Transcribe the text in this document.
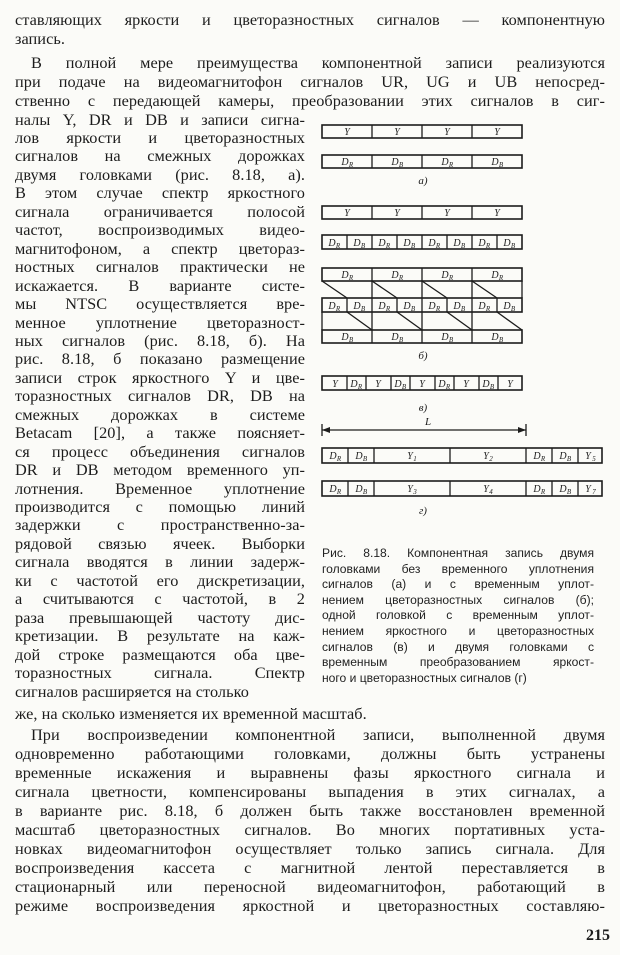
ставляющих яркости и цветоразностных сигналов — компонентную
запись.
В полной мере преимущества компонентной записи реализуются
при подаче на видеомагнитофон сигналов UR, UG и UB непосред-
ственно с передающей камеры, преобразовании этих сигналов в сиг-
налы Y, DR и DB и записи сигна-
лов яркости и цветоразностных
сигналов на смежных дорожках
двумя головками (рис. 8.18, а).
В этом случае спектр яркостного
сигнала ограничивается полосой
частот, воспроизводимых видео-
магнитофоном, а спектр цветораз-
ностных сигналов практически не
искажается. В варианте систе-
мы NTSC осуществляется вре-
менное уплотнение цветоразност-
ных сигналов (рис. 8.18, б). На
рис. 8.18, б показано размещение
записи строк яркостного Y и цве-
торазностных сигналов DR, DB на
смежных дорожках в системе
Betacam [20], а также поясняет-
ся процесс объединения сигналов
DR и DB методом временного уп-
лотнения. Временное уплотнение
производится с помощью линий
задержки с пространственно-за-
рядовой связью ячеек. Выборки
сигнала вводятся в линии задерж-
ки с частотой его дискретизации,
а считываются с частотой, в 2
раза превышающей частоту дис-
кретизации. В результате на каж-
дой строке размещаются оба цве-
торазностных сигнала. Спектр
сигналов расширяется на столько
же, на сколько изменяется их временной масштаб.
При воспроизведении компонентной записи, выполненной двумя
одновременно работающими головками, должны быть устранены
временные искажения и выравнены фазы яркостного сигнала и
сигнала цветности, компенсированы выпадения в этих сигналах, а
в варианте рис. 8.18, б должен быть также восстановлен временной
масштаб цветоразностных сигналов. Во многих портативных уста-
новках видеомагнитофон осуществляет только запись сигнала. Для
воспроизведения кассета с магнитной лентой переставляется в
стационарный или переносной видеомагнитофон, работающий в
режиме воспроизведения яркостной и цветоразностных составляю-
Y	Y	Y	Y
D R	D B	D R	D B
а)
Y	Y	Y	Y
D R D B D R D B D R D B D R D B
D R	D R	D R	D R
D R D B D R D B D R D B D R D B
D B	D B	D B	D B
б)
Y D R Y D B Y D R Y D B Y
в)
L
D R D B	Y 1	Y 2	D R D B Y 5
D R D B	Y 3	Y 4	D R D B Y 7
г)
Рис. 8.18. Компонентная запись двумя
головками без временного уплотнения
сигналов (а) и с временным уплот-
нением цветоразностных сигналов (б);
одной головкой с временным уплот-
нением яркостного и цветоразностных
сигналов (в) и двумя головками с
временным преобразованием яркост-
ного и цветоразностных сигналов (г)
215
